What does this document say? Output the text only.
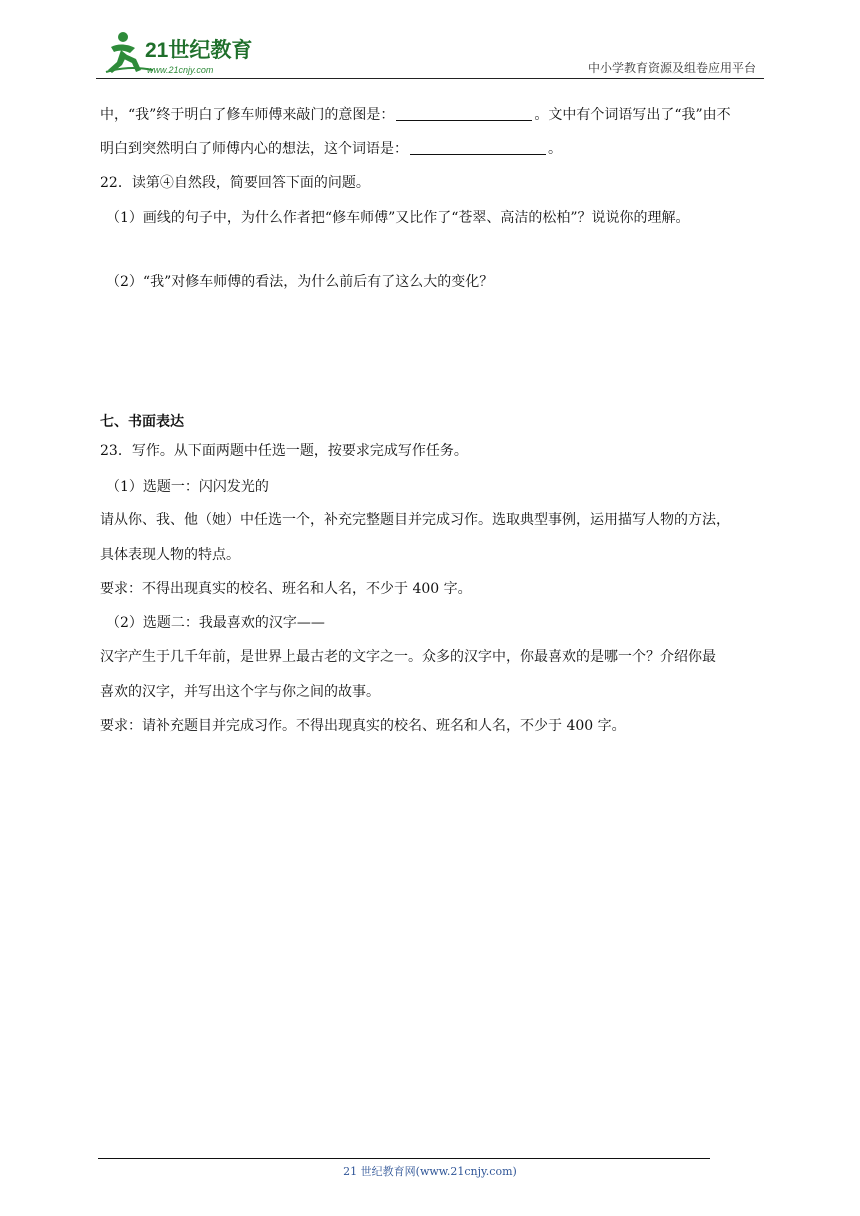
21世纪教育
www.21cnjy.com	中小学教育资源及组卷应用平台
中，“我”终于明白了修车师傅来敲门的意图是：	。文中有个词语写出了“我”由不
明白到突然明白了师傅内心的想法，这个词语是：	。
22．读第④自然段，简要回答下面的问题。
（1）画线的句子中，为什么作者把“修车师傅”又比作了“苍翠、高洁的松柏”？说说你的理解。
（2）“我”对修车师傅的看法，为什么前后有了这么大的变化？
七、书面表达
23．写作。从下面两题中任选一题，按要求完成写作任务。
（1）选题一：闪闪发光的
请从你、我、他（她）中任选一个，补充完整题目并完成习作。选取典型事例，运用描写人物的方法，
具体表现人物的特点。
要求：不得出现真实的校名、班名和人名，不少于 400 字。
（2）选题二：我最喜欢的汉字——
汉字产生于几千年前，是世界上最古老的文字之一。众多的汉字中，你最喜欢的是哪一个？介绍你最
喜欢的汉字，并写出这个字与你之间的故事。
要求：请补充题目并完成习作。不得出现真实的校名、班名和人名，不少于 400 字。
21 世纪教育网(www.21cnjy.com)
